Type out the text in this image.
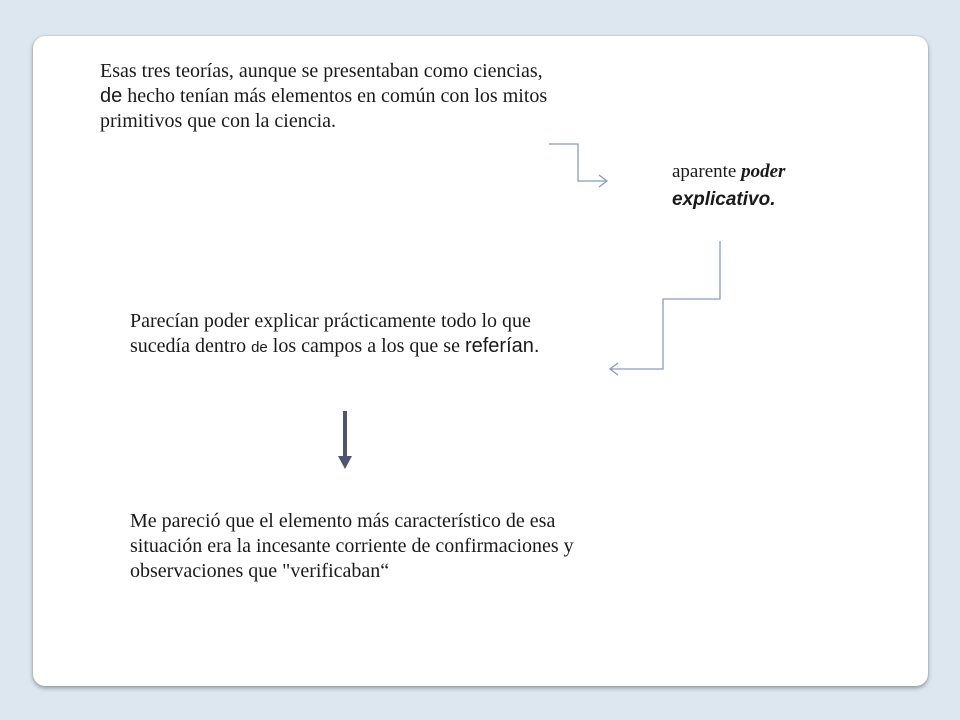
Esas tres teorías, aunque se presentaban como ciencias, de hecho tenían más elementos en común con los mitos primitivos que con la ciencia.

aparente poder
explicativo.

Parecían poder explicar prácticamente todo lo que sucedía dentro de los campos a los que se referían.

Me pareció que el elemento más característico de esa situación era la incesante corriente de confirmaciones y observaciones que "verificaban“
